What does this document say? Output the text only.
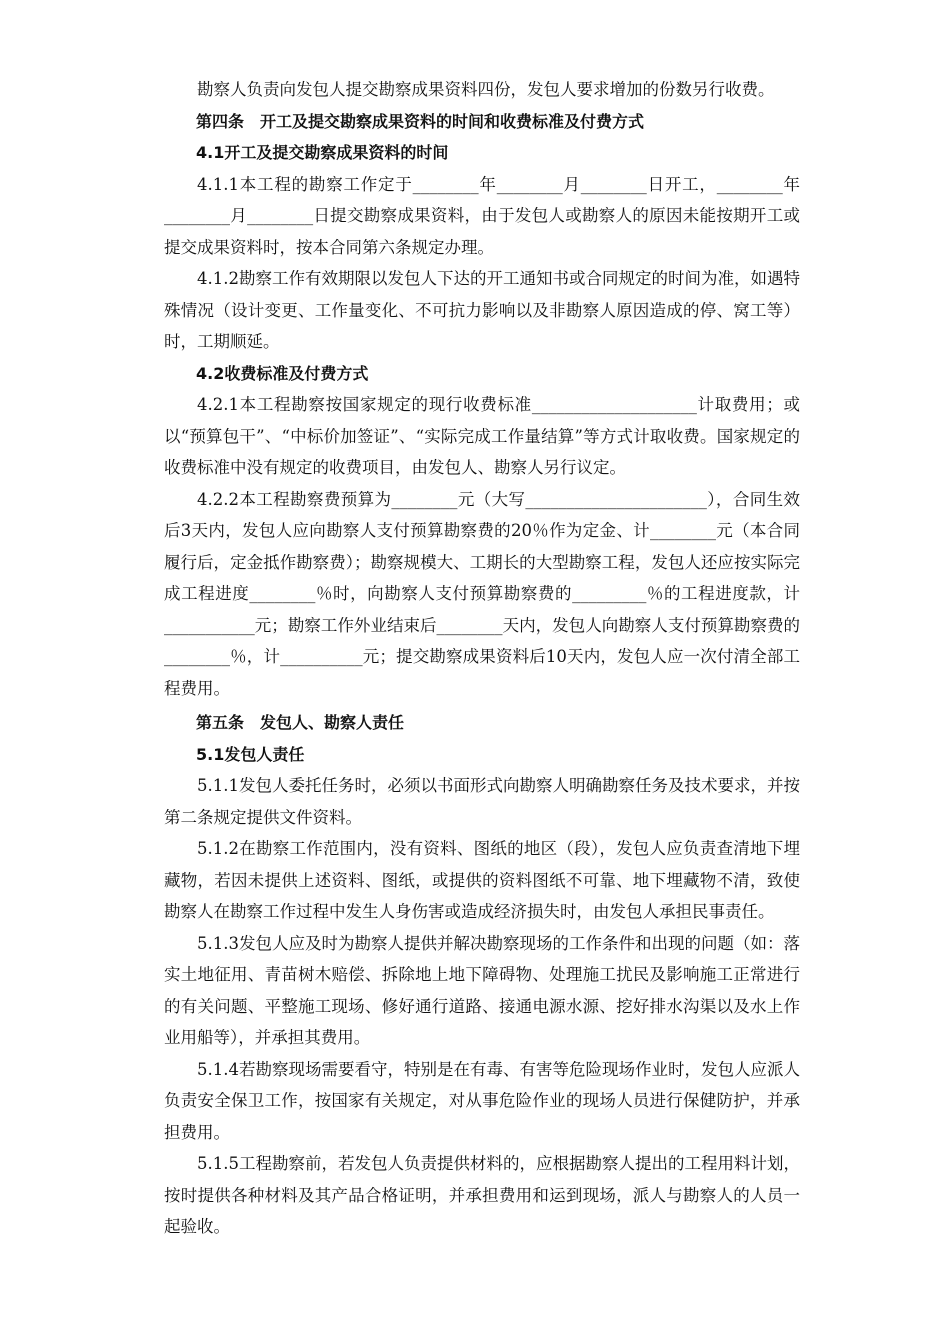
勘察人负责向发包人提交勘察成果资料四份，发包人要求增加的份数另行收费。

第四条　开工及提交勘察成果资料的时间和收费标准及付费方式

4.1开工及提交勘察成果资料的时间

4.1.1本工程的勘察工作定于________年________月________日开工，________年________月________日提交勘察成果资料，由于发包人或勘察人的原因未能按期开工或提交成果资料时，按本合同第六条规定办理。

4.1.2勘察工作有效期限以发包人下达的开工通知书或合同规定的时间为准，如遇特殊情况（设计变更、工作量变化、不可抗力影响以及非勘察人原因造成的停、窝工等）时，工期顺延。

4.2收费标准及付费方式

4.2.1本工程勘察按国家规定的现行收费标准____________________计取费用；或以“预算包干”、“中标价加签证”、“实际完成工作量结算”等方式计取收费。国家规定的收费标准中没有规定的收费项目，由发包人、勘察人另行议定。

4.2.2本工程勘察费预算为________元（大写______________________），合同生效后3天内，发包人应向勘察人支付预算勘察费的20％作为定金、计________元（本合同履行后，定金抵作勘察费）；勘察规模大、工期长的大型勘察工程，发包人还应按实际完成工程进度________％时，向勘察人支付预算勘察费的_________％的工程进度款，计___________元；勘察工作外业结束后________天内，发包人向勘察人支付预算勘察费的________％，计__________元；提交勘察成果资料后10天内，发包人应一次付清全部工程费用。

第五条　发包人、勘察人责任

5.1发包人责任

5.1.1发包人委托任务时，必须以书面形式向勘察人明确勘察任务及技术要求，并按第二条规定提供文件资料。

5.1.2在勘察工作范围内，没有资料、图纸的地区（段），发包人应负责查清地下埋藏物，若因未提供上述资料、图纸，或提供的资料图纸不可靠、地下埋藏物不清，致使勘察人在勘察工作过程中发生人身伤害或造成经济损失时，由发包人承担民事责任。

5.1.3发包人应及时为勘察人提供并解决勘察现场的工作条件和出现的问题（如：落实土地征用、青苗树木赔偿、拆除地上地下障碍物、处理施工扰民及影响施工正常进行的有关问题、平整施工现场、修好通行道路、接通电源水源、挖好排水沟渠以及水上作业用船等），并承担其费用。

5.1.4若勘察现场需要看守，特别是在有毒、有害等危险现场作业时，发包人应派人负责安全保卫工作，按国家有关规定，对从事危险作业的现场人员进行保健防护，并承担费用。

5.1.5工程勘察前，若发包人负责提供材料的，应根据勘察人提出的工程用料计划，按时提供各种材料及其产品合格证明，并承担费用和运到现场，派人与勘察人的人员一起验收。
